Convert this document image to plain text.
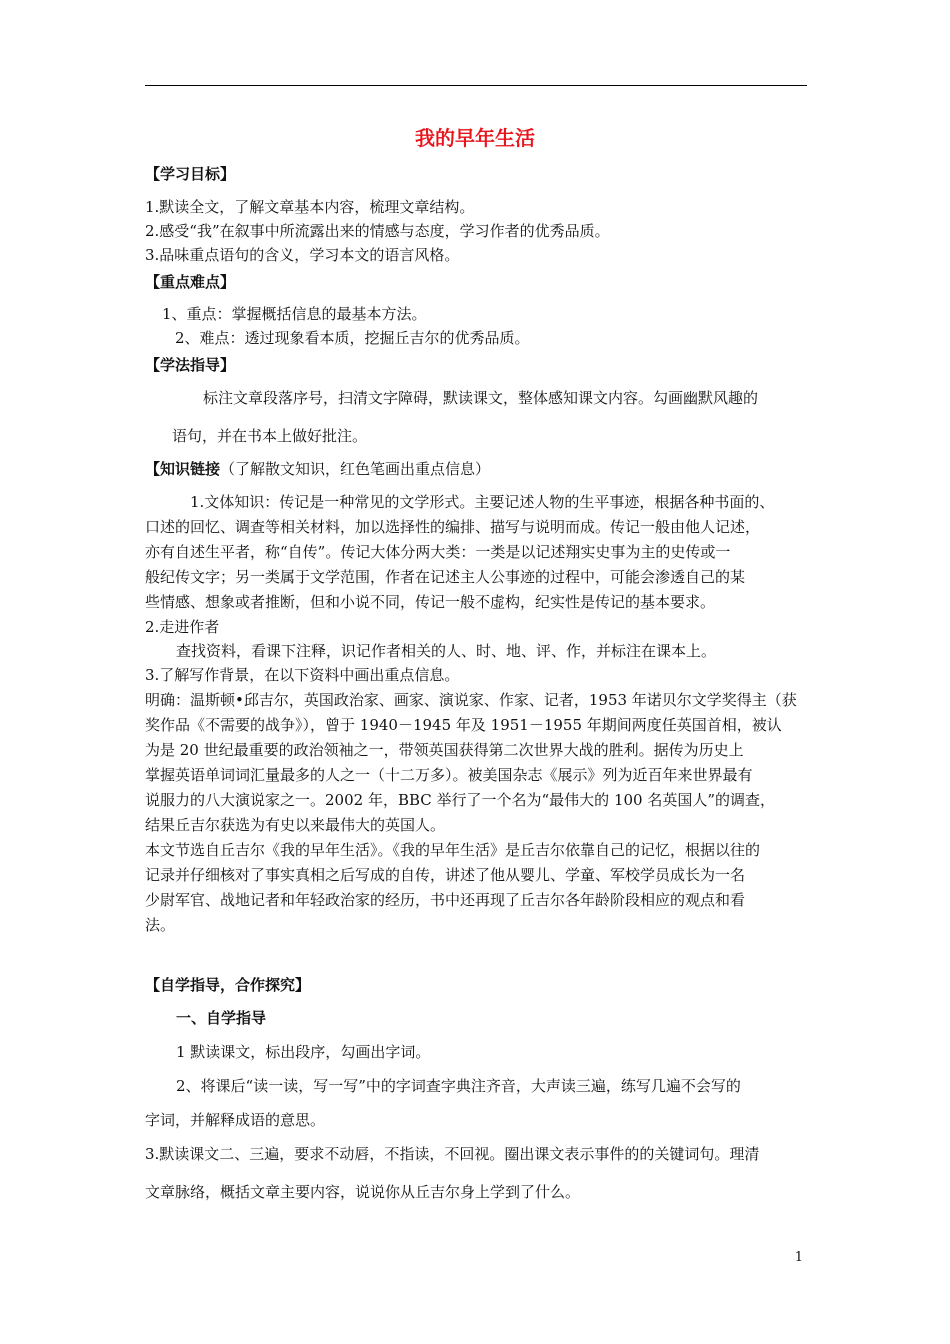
我的早年生活
【学习目标】
1.默读全文，了解文章基本内容，梳理文章结构。
2.感受“我”在叙事中所流露出来的情感与态度，学习作者的优秀品质。
3.品味重点语句的含义，学习本文的语言风格。
【重点难点】
1、重点：掌握概括信息的最基本方法。
2、难点：透过现象看本质，挖掘丘吉尔的优秀品质。
【学法指导】
标注文章段落序号，扫清文字障碍，默读课文，整体感知课文内容。勾画幽默风趣的
语句，并在书本上做好批注。
【知识链接（了解散文知识，红色笔画出重点信息）
1.文体知识：传记是一种常见的文学形式。主要记述人物的生平事迹，根据各种书面的、
口述的回忆、调查等相关材料，加以选择性的编排、描写与说明而成。传记一般由他人记述，
亦有自述生平者，称“自传”。传记大体分两大类：一类是以记述翔实史事为主的史传或一
般纪传文字；另一类属于文学范围，作者在记述主人公事迹的过程中，可能会渗透自己的某
些情感、想象或者推断，但和小说不同，传记一般不虚构，纪实性是传记的基本要求。
2.走进作者
查找资料，看课下注释，识记作者相关的人、时、地、评、作，并标注在课本上。
3.了解写作背景，在以下资料中画出重点信息。
明确：温斯顿•邱吉尔，英国政治家、画家、演说家、作家、记者，1953 年诺贝尔文学奖得主（获
奖作品《不需要的战争》），曾于 1940－1945 年及 1951－1955 年期间两度任英国首相，被认
为是 20 世纪最重要的政治领袖之一，带领英国获得第二次世界大战的胜利。据传为历史上
掌握英语单词词汇量最多的人之一（十二万多）。被美国杂志《展示》列为近百年来世界最有
说服力的八大演说家之一。2002 年，BBC 举行了一个名为“最伟大的 100 名英国人”的调查，
结果丘吉尔获选为有史以来最伟大的英国人。
本文节选自丘吉尔《我的早年生活》。《我的早年生活》是丘吉尔依靠自己的记忆，根据以往的
记录并仔细核对了事实真相之后写成的自传，讲述了他从婴儿、学童、军校学员成长为一名
少尉军官、战地记者和年轻政治家的经历，书中还再现了丘吉尔各年龄阶段相应的观点和看
法。
【自学指导，合作探究】
一、自学指导
1 默读课文，标出段序，勾画出字词。
2、将课后“读一读，写一写”中的字词查字典注齐音，大声读三遍，练写几遍不会写的
字词，并解释成语的意思。
3.默读课文二、三遍，要求不动唇，不指读，不回视。圈出课文表示事件的的关键词句。理清
文章脉络，概括文章主要内容，说说你从丘吉尔身上学到了什么。
1
